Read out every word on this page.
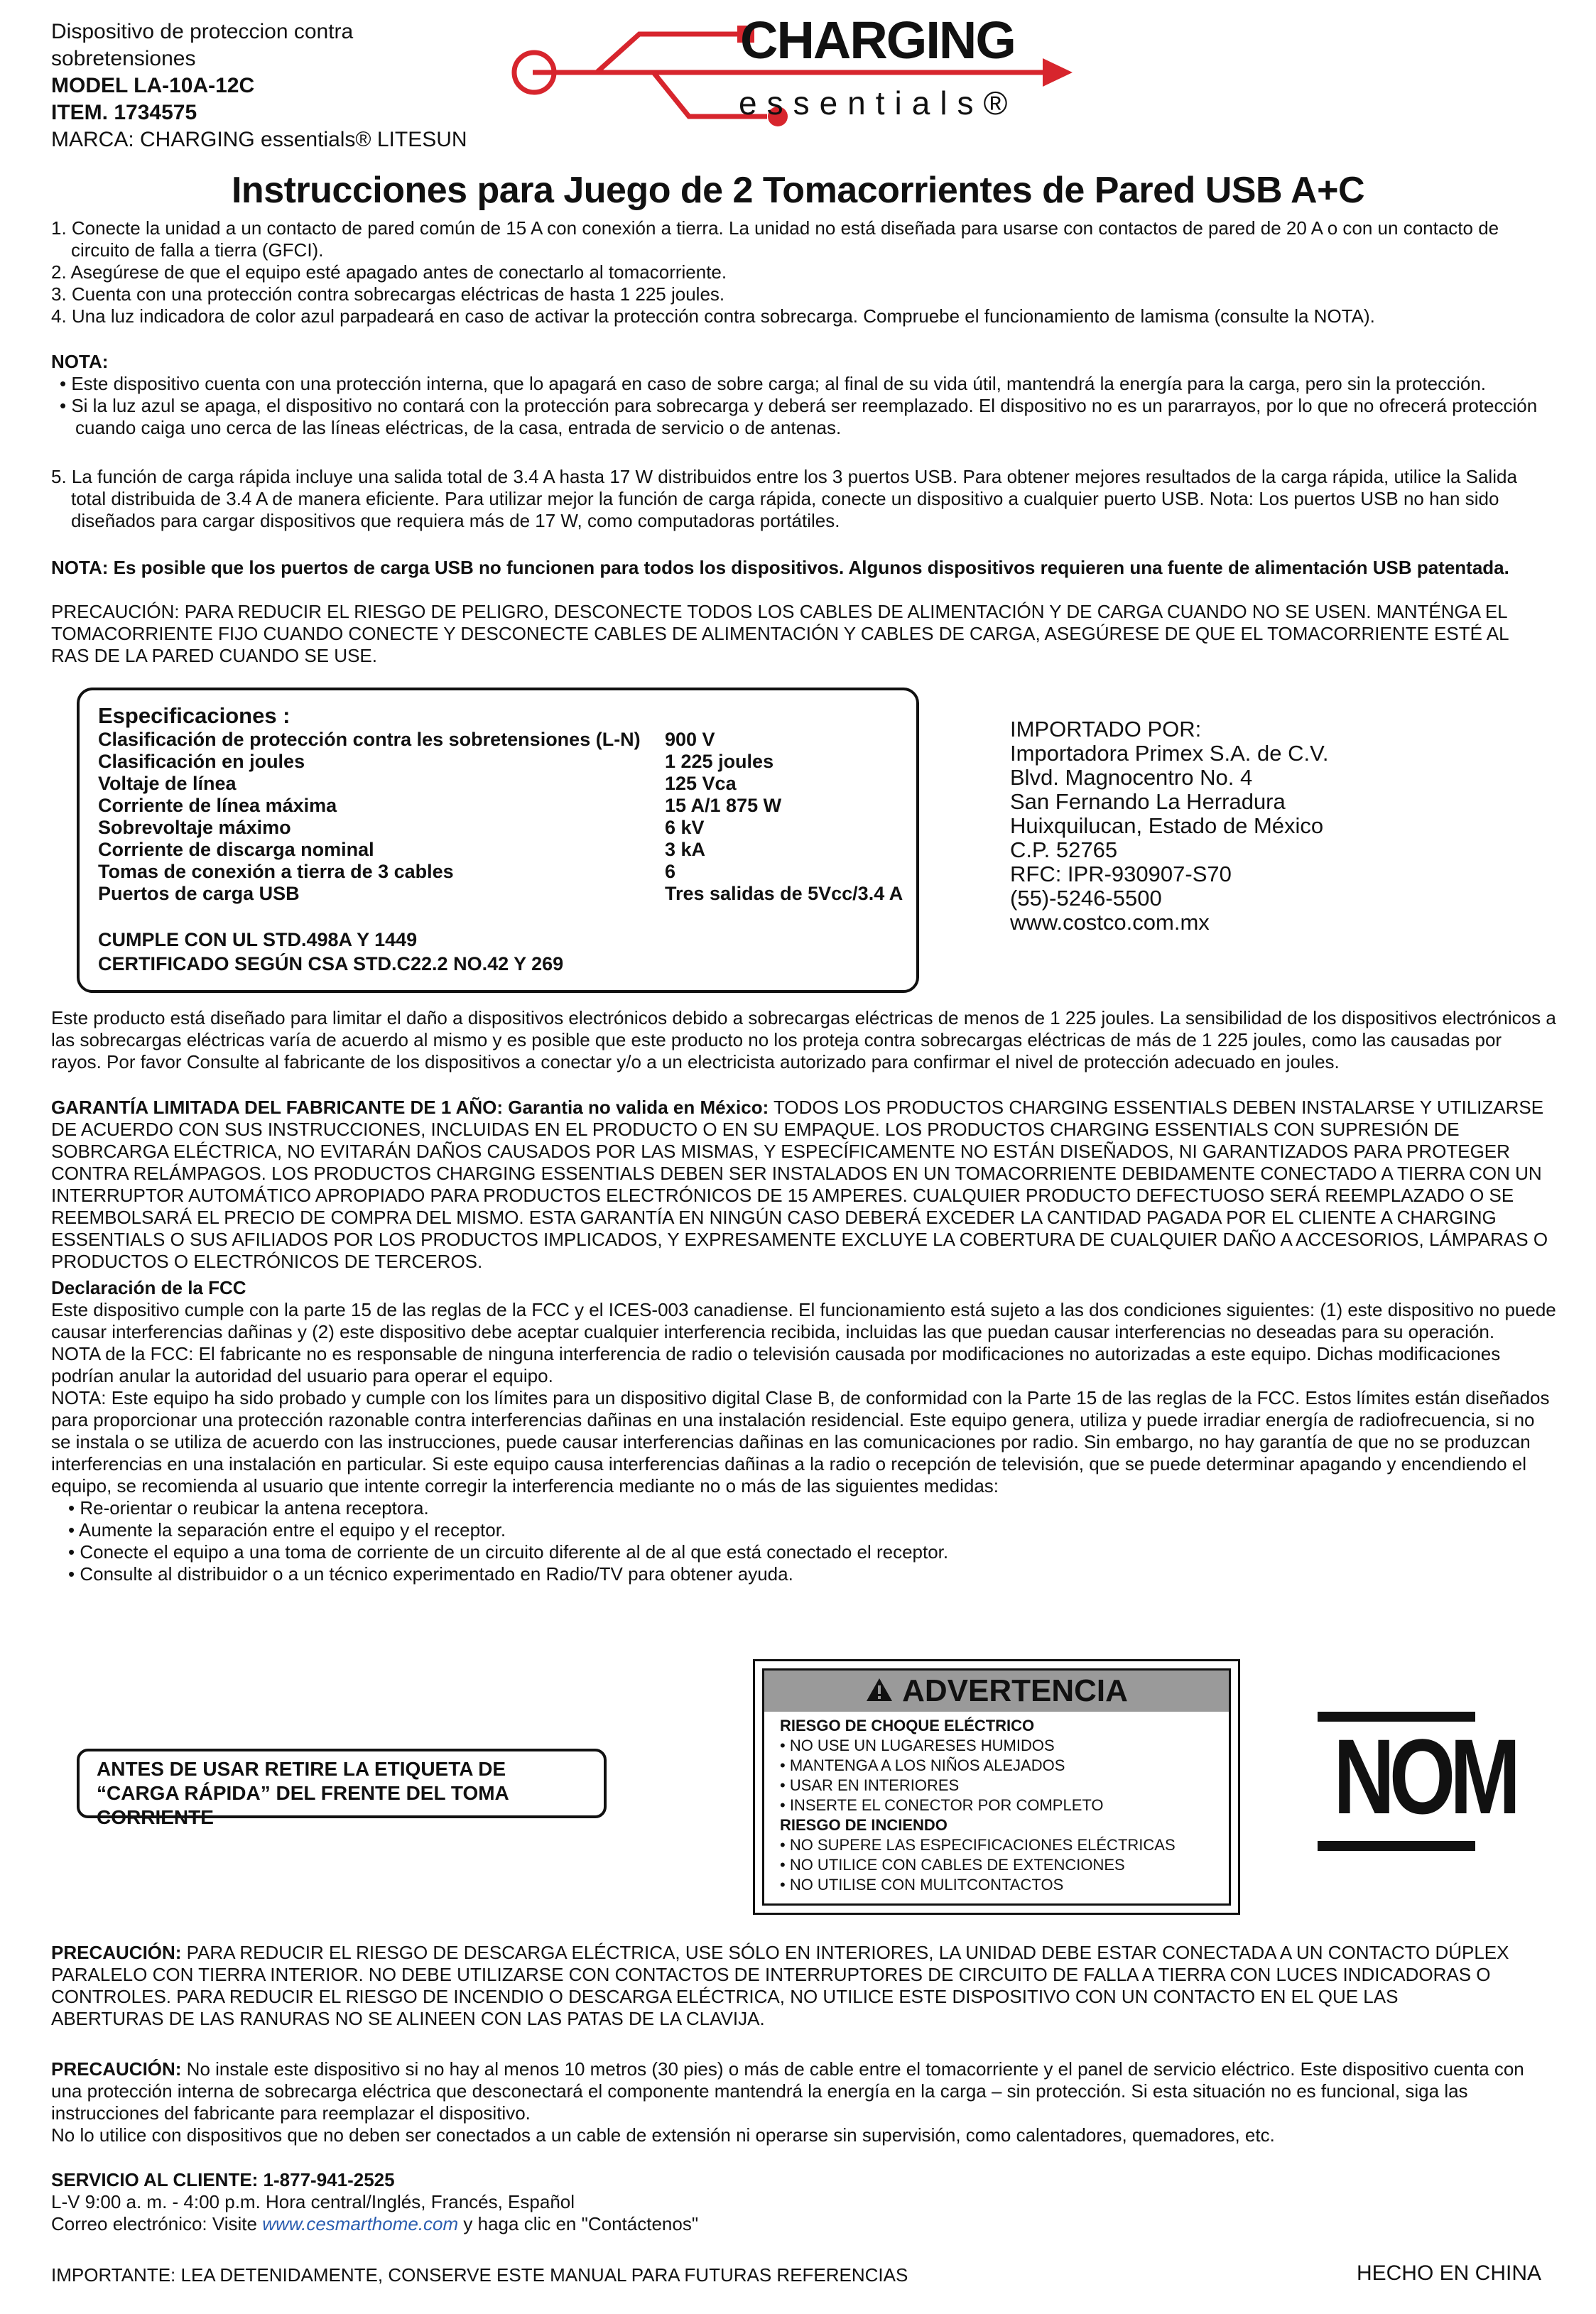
Dispositivo de proteccion contra
sobretensiones
MODEL LA-10A-12C
ITEM. 1734575
MARCA: CHARGING essentials® LITESUN
CHARGING
essentials®
Instrucciones para Juego de 2 Tomacorrientes de Pared USB A+C

1. Conecte la unidad a un contacto de pared común de 15 A con conexión a tierra. La unidad no está diseñada para usarse con contactos de pared de 20 A o con un contacto de circuito de falla a tierra (GFCI).

2. Asegúrese de que el equipo esté apagado antes de conectarlo al tomacorriente.

3. Cuenta con una protección contra sobrecargas eléctricas de hasta 1 225 joules.

4. Una luz indicadora de color azul parpadeará en caso de activar la protección contra sobrecarga. Compruebe el funcionamiento de lamisma (consulte la NOTA).

NOTA:

• Este dispositivo cuenta con una protección interna, que lo apagará en caso de sobre carga; al final de su vida útil, mantendrá la energía para la carga, pero sin la protección.

• Si la luz azul se apaga, el dispositivo no contará con la protección para sobrecarga y deberá ser reemplazado. El dispositivo no es un pararrayos, por lo que no ofrecerá protección cuando caiga uno cerca de las líneas eléctricas, de la casa, entrada de servicio o de antenas.

5. La función de carga rápida incluye una salida total de 3.4 A hasta 17 W distribuidos entre los 3 puertos USB. Para obtener mejores resultados de la carga rápida, utilice la Salida total distribuida de 3.4 A de manera eficiente. Para utilizar mejor la función de carga rápida, conecte un dispositivo a cualquier puerto USB. Nota: Los puertos USB no han sido diseñados para cargar dispositivos que requiera más de 17 W, como computadoras portátiles.

NOTA: Es posible que los puertos de carga USB no funcionen para todos los dispositivos. Algunos dispositivos requieren una fuente de alimentación USB patentada.
PRECAUCIÓN: PARA REDUCIR EL RIESGO DE PELIGRO, DESCONECTE TODOS LOS CABLES DE ALIMENTACIÓN Y DE CARGA CUANDO NO SE USEN. MANTÉNGA EL TOMACORRIENTE FIJO CUANDO CONECTE Y DESCONECTE CABLES DE ALIMENTACIÓN Y CABLES DE CARGA, ASEGÚRESE DE QUE EL TOMACORRIENTE ESTÉ AL RAS DE LA PARED CUANDO SE USE.
Especificaciones :
Clasificación de protección contra les sobretensiones (L-N)	900 V
Clasificación en joules	1 225 joules
Voltaje de línea	125 Vca
Corriente de línea máxima	15 A/1 875 W
Sobrevoltaje máximo	6 kV
Corriente de discarga nominal	3 kA
Tomas de conexión a tierra de 3 cables	6
Puertos de carga USB	Tres salidas de 5Vcc/3.4 A
CUMPLE CON UL STD.498A Y 1449
CERTIFICADO SEGÚN CSA STD.C22.2 NO.42 Y 269
IMPORTADO POR:
Importadora Primex S.A. de C.V.
Blvd. Magnocentro No. 4
San Fernando La Herradura
Huixquilucan, Estado de México
C.P. 52765
RFC: IPR-930907-S70
(55)-5246-5500
www.costco.com.mx
Este producto está diseñado para limitar el daño a dispositivos electrónicos debido a sobrecargas eléctricas de menos de 1 225 joules. La sensibilidad de los dispositivos electrónicos a las sobrecargas eléctricas varía de acuerdo al mismo y es posible que este producto no los proteja contra sobrecargas eléctricas de más de 1 225 joules, como las causadas por rayos. Por favor Consulte al fabricante de los dispositivos a conectar y/o a un electricista autorizado para confirmar el nivel de protección adecuado en joules.
GARANTÍA LIMITADA DEL FABRICANTE DE 1 AÑO: Garantia no valida en México: TODOS LOS PRODUCTOS CHARGING ESSENTIALS DEBEN INSTALARSE Y UTILIZARSE DE ACUERDO CON SUS INSTRUCCIONES, INCLUIDAS EN EL PRODUCTO O EN SU EMPAQUE. LOS PRODUCTOS CHARGING ESSENTIALS CON SUPRESIÓN DE SOBRCARGA ELÉCTRICA, NO EVITARÁN DAÑOS CAUSADOS POR LAS MISMAS, Y ESPECÍFICAMENTE NO ESTÁN DISEÑADOS, NI GARANTIZADOS PARA PROTEGER CONTRA RELÁMPAGOS. LOS PRODUCTOS CHARGING ESSENTIALS DEBEN SER INSTALADOS EN UN TOMACORRIENTE DEBIDAMENTE CONECTADO A TIERRA CON UN INTERRUPTOR AUTOMÁTICO APROPIADO PARA PRODUCTOS ELECTRÓNICOS DE 15 AMPERES. CUALQUIER PRODUCTO DEFECTUOSO SERÁ REEMPLAZADO O SE REEMBOLSARÁ EL PRECIO DE COMPRA DEL MISMO. ESTA GARANTÍA EN NINGÚN CASO DEBERÁ EXCEDER LA CANTIDAD PAGADA POR EL CLIENTE A CHARGING ESSENTIALS O SUS AFILIADOS POR LOS PRODUCTOS IMPLICADOS, Y EXPRESAMENTE EXCLUYE LA COBERTURA DE CUALQUIER DAÑO A ACCESORIOS, LÁMPARAS O PRODUCTOS O ELECTRÓNICOS DE TERCEROS.
Declaración de la FCC
Este dispositivo cumple con la parte 15 de las reglas de la FCC y el ICES-003 canadiense. El funcionamiento está sujeto a las dos condiciones siguientes: (1) este dispositivo no puede causar interferencias dañinas y (2) este dispositivo debe aceptar cualquier interferencia recibida, incluidas las que puedan causar interferencias no deseadas para su operación.
NOTA de la FCC: El fabricante no es responsable de ninguna interferencia de radio o televisión causada por modificaciones no autorizadas a este equipo. Dichas modificaciones podrían anular la autoridad del usuario para operar el equipo.
NOTA: Este equipo ha sido probado y cumple con los límites para un dispositivo digital Clase B, de conformidad con la Parte 15 de las reglas de la FCC. Estos límites están diseñados para proporcionar una protección razonable contra interferencias dañinas en una instalación residencial. Este equipo genera, utiliza y puede irradiar energía de radiofrecuencia, si no se instala o se utiliza de acuerdo con las instrucciones, puede causar interferencias dañinas en las comunicaciones por radio. Sin embargo, no hay garantía de que no se produzcan interferencias en una instalación en particular. Si este equipo causa interferencias dañinas a la radio o recepción de televisión, que se puede determinar apagando y encendiendo el equipo, se recomienda al usuario que intente corregir la interferencia mediante no o más de las siguientes medidas:
• Re-orientar o reubicar la antena receptora.
• Aumente la separación entre el equipo y el receptor.
• Conecte el equipo a una toma de corriente de un circuito diferente al de al que está conectado el receptor.
• Consulte al distribuidor o a un técnico experimentado en Radio/TV para obtener ayuda.
ANTES DE USAR RETIRE LA ETIQUETA DE “CARGA RÁPIDA” DEL FRENTE DEL TOMA CORRIENTE
ADVERTENCIA
RIESGO DE CHOQUE ELÉCTRICO
• NO USE UN LUGARESES HUMIDOS
• MANTENGA A LOS NIÑOS ALEJADOS
• USAR EN INTERIORES
• INSERTE EL CONECTOR POR COMPLETO
RIESGO DE INCIENDO
• NO SUPERE LAS ESPECIFICACIONES ELÉCTRICAS
• NO UTILICE CON CABLES DE EXTENCIONES
• NO UTILISE CON MULITCONTACTOS
NOM
PRECAUCIÓN: PARA REDUCIR EL RIESGO DE DESCARGA ELÉCTRICA, USE SÓLO EN INTERIORES, LA UNIDAD DEBE ESTAR CONECTADA A UN CONTACTO DÚPLEX PARALELO CON TIERRA INTERIOR. NO DEBE UTILIZARSE CON CONTACTOS DE INTERRUPTORES DE CIRCUITO DE FALLA A TIERRA CON LUCES INDICADORAS O CONTROLES. PARA REDUCIR EL RIESGO DE INCENDIO O DESCARGA ELÉCTRICA, NO UTILICE ESTE DISPOSITIVO CON UN CONTACTO EN EL QUE LAS ABERTURAS DE LAS RANURAS NO SE ALINEEN CON LAS PATAS DE LA CLAVIJA.
PRECAUCIÓN: No instale este dispositivo si no hay al menos 10 metros (30 pies) o más de cable entre el tomacorriente y el panel de servicio eléctrico. Este dispositivo cuenta con una protección interna de sobrecarga eléctrica que desconectará el componente mantendrá la energía en la carga – sin protección. Si esta situación no es funcional, siga las instrucciones del fabricante para reemplazar el dispositivo.
No lo utilice con dispositivos que no deben ser conectados a un cable de extensión ni operarse sin supervisión, como calentadores, quemadores, etc.
SERVICIO AL CLIENTE: 1-877-941-2525
L-V 9:00 a. m. - 4:00 p.m. Hora central/Inglés, Francés, Español
Correo electrónico: Visite www.cesmarthome.com y haga clic en "Contáctenos"
IMPORTANTE: LEA DETENIDAMENTE, CONSERVE ESTE MANUAL PARA FUTURAS REFERENCIAS	HECHO EN CHINA
